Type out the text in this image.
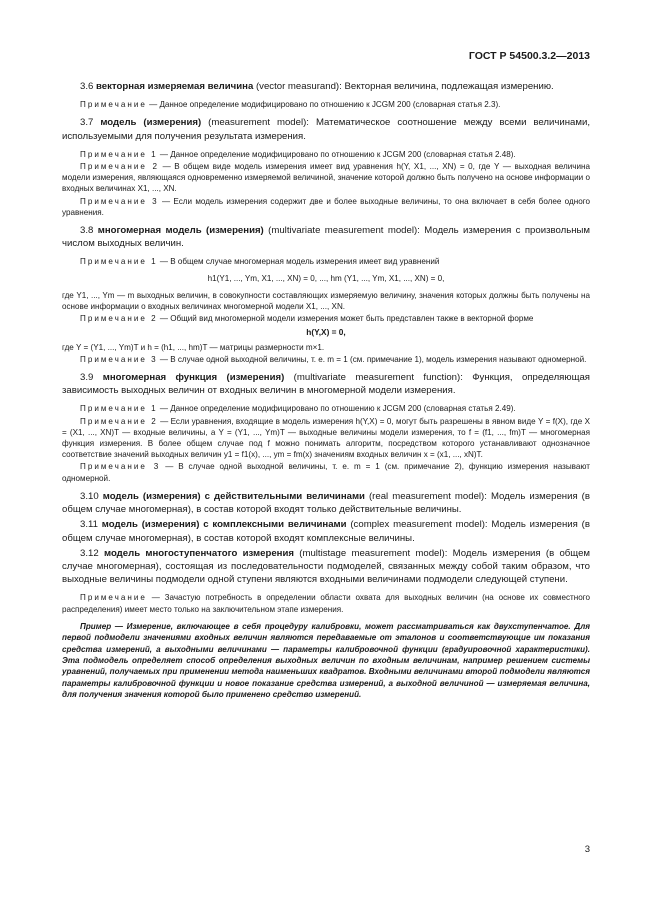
ГОСТ Р 54500.3.2—2013

3.6 векторная измеряемая величина (vector measurand): Векторная величина, подлежащая измерению.

Примечание — Данное определение модифицировано по отношению к JCGM 200 (словарная статья 2.3).

3.7 модель (измерения) (measurement model): Математическое соотношение между всеми величинами, используемыми для получения результата измерения.

Примечание 1 — Данное определение модифицировано по отношению к JCGM 200 (словарная статья 2.48).

Примечание 2 — В общем виде модель измерения имеет вид уравнения h(Y, X1, ..., XN) = 0, где Y — выходная величина модели измерения, являющаяся одновременно измеряемой величиной, значение которой должно быть получено на основе информации о входных величинах X1, ..., XN.

Примечание 3 — Если модель измерения содержит две и более выходные величины, то она включает в себя более одного уравнения.

3.8 многомерная модель (измерения) (multivariate measurement model): Модель измерения с произвольным числом выходных величин.

Примечание 1 — В общем случае многомерная модель измерения имеет вид уравнений

h1(Y1, ..., Ym, X1, ..., XN) = 0, ..., hm (Y1, ..., Ym, X1, ..., XN) = 0,

где Y1, ..., Ym — m выходных величин, в совокупности составляющих измеряемую величину, значения которых должны быть получены на основе информации о входных величинах многомерной модели X1, ..., XN.

Примечание 2 — Общий вид многомерной модели измерения может быть представлен также в векторной форме

h(Y,X) = 0,

где Y = (Y1, ..., Ym)T и h = (h1, ..., hm)T — матрицы размерности m×1.

Примечание 3 — В случае одной выходной величины, т. е. m = 1 (см. примечание 1), модель измерения называют одномерной.

3.9 многомерная функция (измерения) (multivariate measurement function): Функция, определяющая зависимость выходных величин от входных величин в многомерной модели измерения.

Примечание 1 — Данное определение модифицировано по отношению к JCGM 200 (словарная статья 2.49).

Примечание 2 — Если уравнения, входящие в модель измерения h(Y,X) = 0, могут быть разрешены в явном виде Y = f(X), где X = (X1, ..., XN)T — входные величины, а Y = (Y1, ..., Ym)T — выходные величины модели измерения, то f = (f1, ..., fm)T — многомерная функция измерения. В более общем случае под f можно понимать алгоритм, посредством которого устанавливают однозначное соответствие значений выходных величин y1 = f1(x), ..., ym = fm(x) значениям входных величин x = (x1, ..., xN)T.

Примечание 3 — В случае одной выходной величины, т. е. m = 1 (см. примечание 2), функцию измерения называют одномерной.

3.10 модель (измерения) с действительными величинами (real measurement model): Модель измерения (в общем случае многомерная), в состав которой входят только действительные величины.

3.11 модель (измерения) с комплексными величинами (complex measurement model): Модель измерения (в общем случае многомерная), в состав которой входят комплексные величины.

3.12 модель многоступенчатого измерения (multistage measurement model): Модель измерения (в общем случае многомерная), состоящая из последовательности подмоделей, связанных между собой таким образом, что выходные величины подмодели одной ступени являются входными величинами подмодели следующей ступени.

Примечание — Зачастую потребность в определении области охвата для выходных величин (на основе их совместного распределения) имеет место только на заключительном этапе измерения.

Пример — Измерение, включающее в себя процедуру калибровки, может рассматриваться как двухступенчатое. Для первой подмодели значениями входных величин являются передаваемые от эталонов и соответствующие им показания средства измерений, а выходными величинами — параметры калибровочной функции (градуировочной характеристики). Эта подмодель определяет способ определения выходных величин по входным величинам, например решением системы уравнений, получаемых при применении метода наименьших квадратов. Входными величинами второй подмодели являются параметры калибровочной функции и новое показание средства измерений, а выходной величиной — измеряемая величина, для получения значения которой было применено средство измерений.

3
